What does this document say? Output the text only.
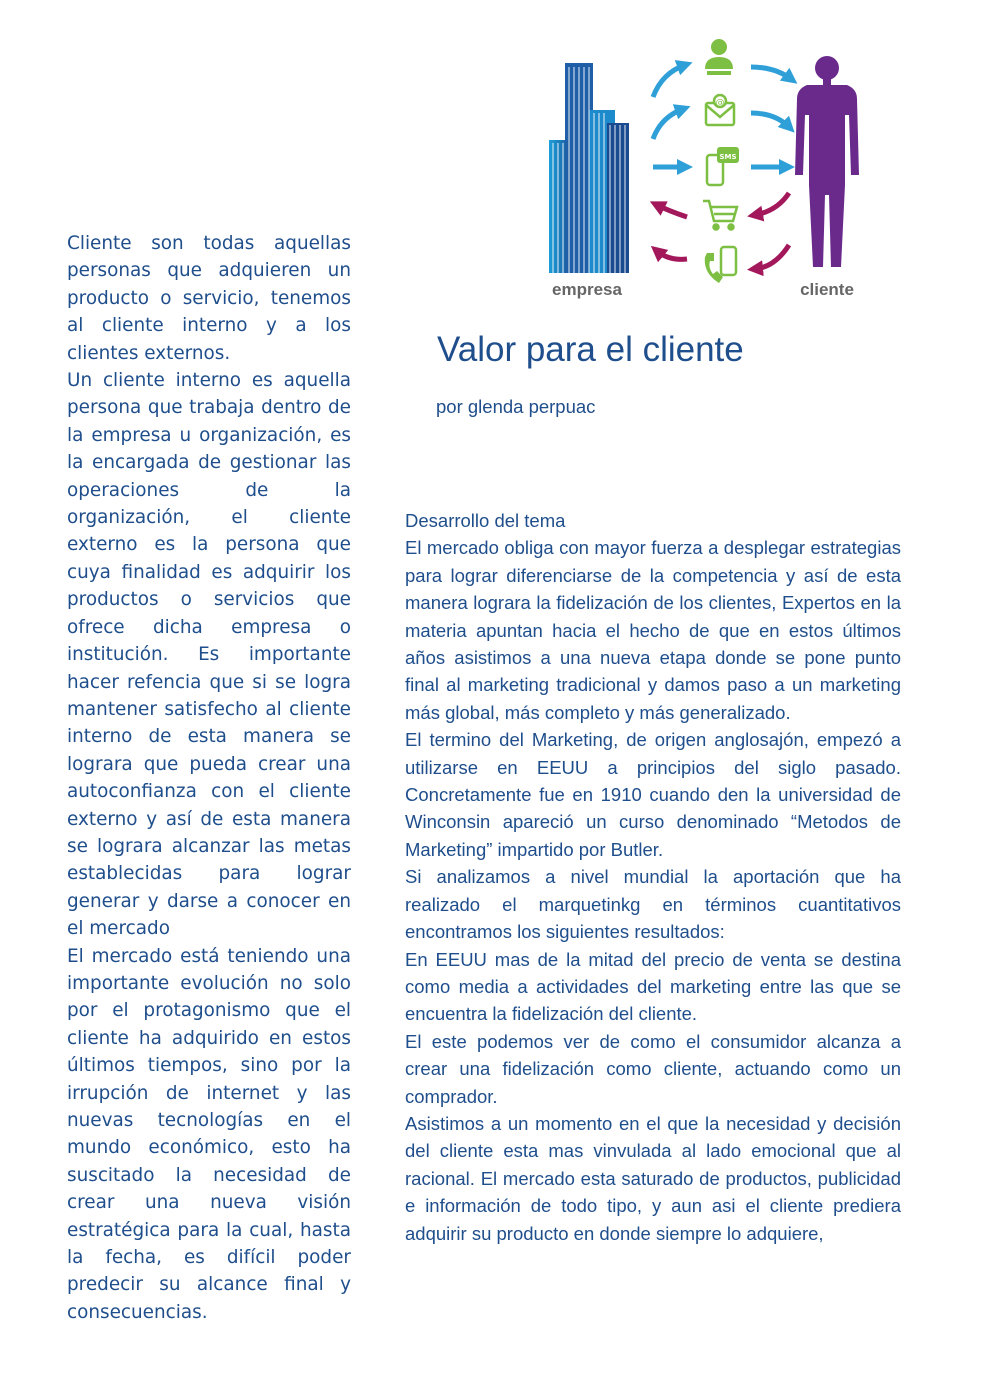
Cliente son todas aquellas personas que adquieren un producto o servicio, tenemos al cliente interno y a los clientes externos.

Un cliente interno es aquella persona que trabaja dentro de la empresa u organización, es la encargada de gestionar las operaciones de la organización, el cliente externo es la persona que cuya finalidad es adquirir los productos o servicios que ofrece dicha empresa o institución. Es importante hacer refencia que si se logra mantener satisfecho al cliente interno de esta manera se lograra que pueda crear una autoconfianza con el cliente externo y así de esta manera se lograra alcanzar las metas establecidas para lograr generar y darse a conocer en el mercado

El mercado está teniendo una importante evolución no solo por el protagonismo que el cliente ha adquirido en estos últimos tiempos, sino por la irrupción de internet y las nuevas tecnologías en el mundo económico, esto ha suscitado la necesidad de crear una nueva visión estratégica para la cual, hasta la fecha, es difícil poder predecir su alcance final y consecuencias.

empresa
@
SMS
cliente
Valor para el cliente
por glenda perpuac

Desarrollo del tema

El mercado obliga con mayor fuerza a desplegar estrategias para lograr diferenciarse de la competencia y así de esta manera lograra la fidelización de los clientes, Expertos en la materia apuntan hacia el hecho de que en estos últimos años asistimos a una nueva etapa donde se pone punto final al marketing tradicional y damos paso a un marketing más global, más completo y más generalizado.

El termino del Marketing, de origen anglosajón, empezó a utilizarse en EEUU a principios del siglo pasado. Concretamente fue en 1910 cuando den la universidad de Winconsin apareció un curso denominado “Metodos de Marketing” impartido por Butler.

Si analizamos a nivel mundial la aportación que ha realizado el marquetinkg en términos cuantitativos encontramos los siguientes resultados:

En EEUU mas de la mitad del precio de venta se destina como media a actividades del marketing entre las que se encuentra la fidelización del cliente.

El este podemos ver de como el consumidor alcanza a crear una fidelización como cliente, actuando como un comprador.

Asistimos a un momento en el que la necesidad y decisión del cliente esta mas vinvulada al lado emocional que al racional. El mercado esta saturado de productos, publicidad e información de todo tipo, y aun asi el cliente prediera adquirir su producto en donde siempre lo adquiere,
